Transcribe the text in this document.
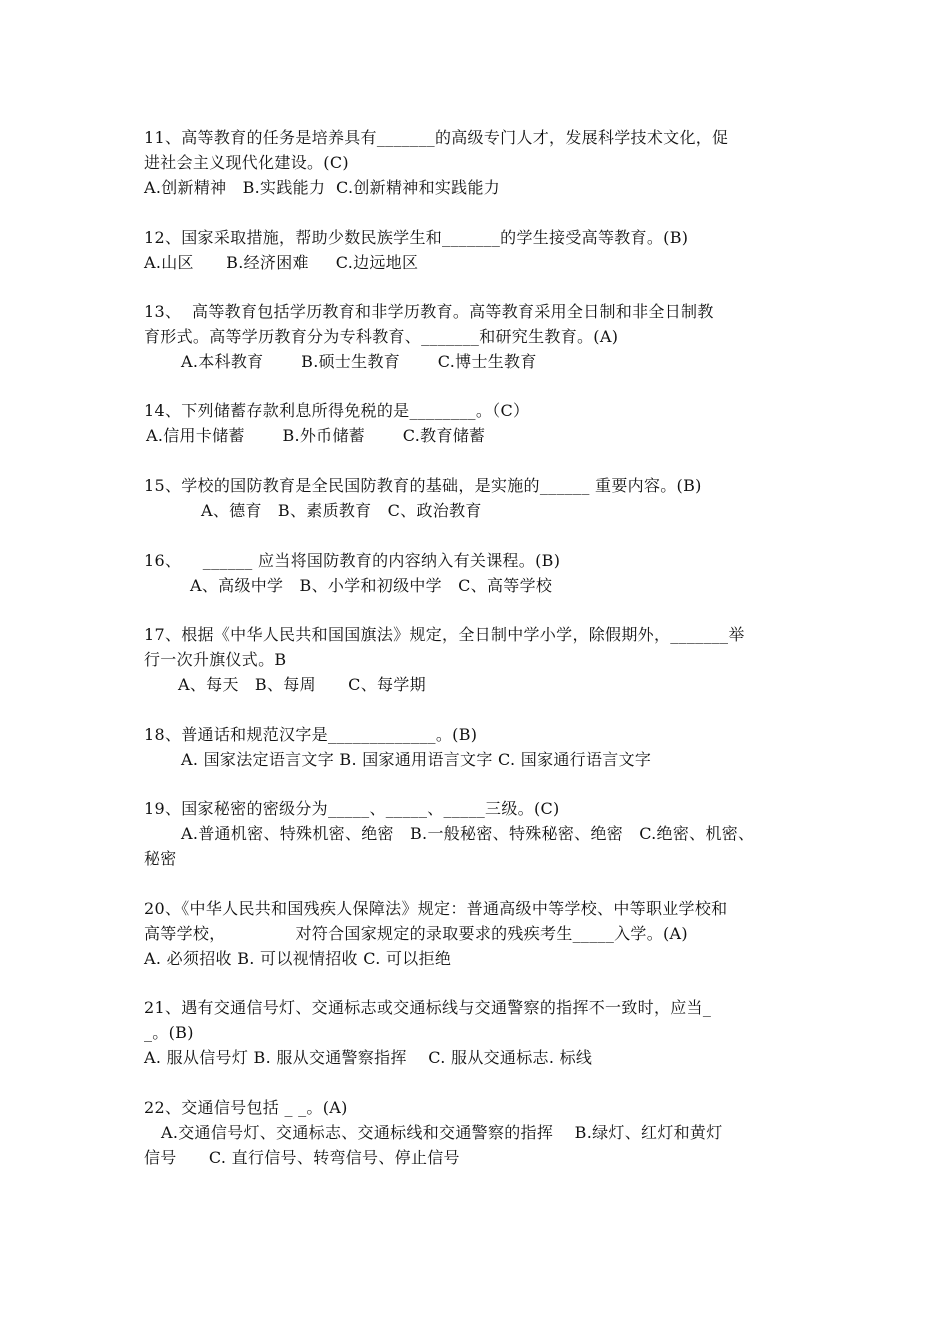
11、高等教育的任务是培养具有_______的高级专门人才，发展科学技术文化，促
进社会主义现代化建设。(C)
A.创新精神   B.实践能力  C.创新精神和实践能力
12、国家采取措施，帮助少数民族学生和_______的学生接受高等教育。(B)
A.山区      B.经济困难     C.边远地区
13、  高等教育包括学历教育和非学历教育。高等教育采用全日制和非全日制教
育形式。高等学历教育分为专科教育、_______和研究生教育。(A)
A.本科教育       B.硕士生教育       C.博士生教育
14、下列储蓄存款利息所得免税的是________。（C）
A.信用卡储蓄       B.外币储蓄       C.教育储蓄
15、学校的国防教育是全民国防教育的基础，是实施的______ 重要内容。(B)
A、德育   B、素质教育   C、政治教育
16、    ______ 应当将国防教育的内容纳入有关课程。(B)
A、高级中学   B、小学和初级中学   C、高等学校
17、根据《中华人民共和国国旗法》规定，全日制中学小学，除假期外，_______举
行一次升旗仪式。B
A、每天   B、每周      C、每学期
18、普通话和规范汉字是_____________。(B)
A. 国家法定语言文字 B. 国家通用语言文字 C. 国家通行语言文字
19、国家秘密的密级分为_____、_____、_____三级。(C)
A.普通机密、特殊机密、绝密   B.一般秘密、特殊秘密、绝密   C.绝密、机密、
秘密
20、《中华人民共和国残疾人保障法》规定：普通高级中等学校、中等职业学校和
高等学校，             对符合国家规定的录取要求的残疾考生_____入学。(A)
A. 必须招收 B. 可以视情招收 C. 可以拒绝
21、遇有交通信号灯、交通标志或交通标线与交通警察的指挥不一致时，应当_
_。(B)
A. 服从信号灯 B. 服从交通警察指挥    C. 服从交通标志. 标线
22、交通信号包括 _ _。(A)
A.交通信号灯、交通标志、交通标线和交通警察的指挥    B.绿灯、红灯和黄灯
信号      C. 直行信号、转弯信号、停止信号
